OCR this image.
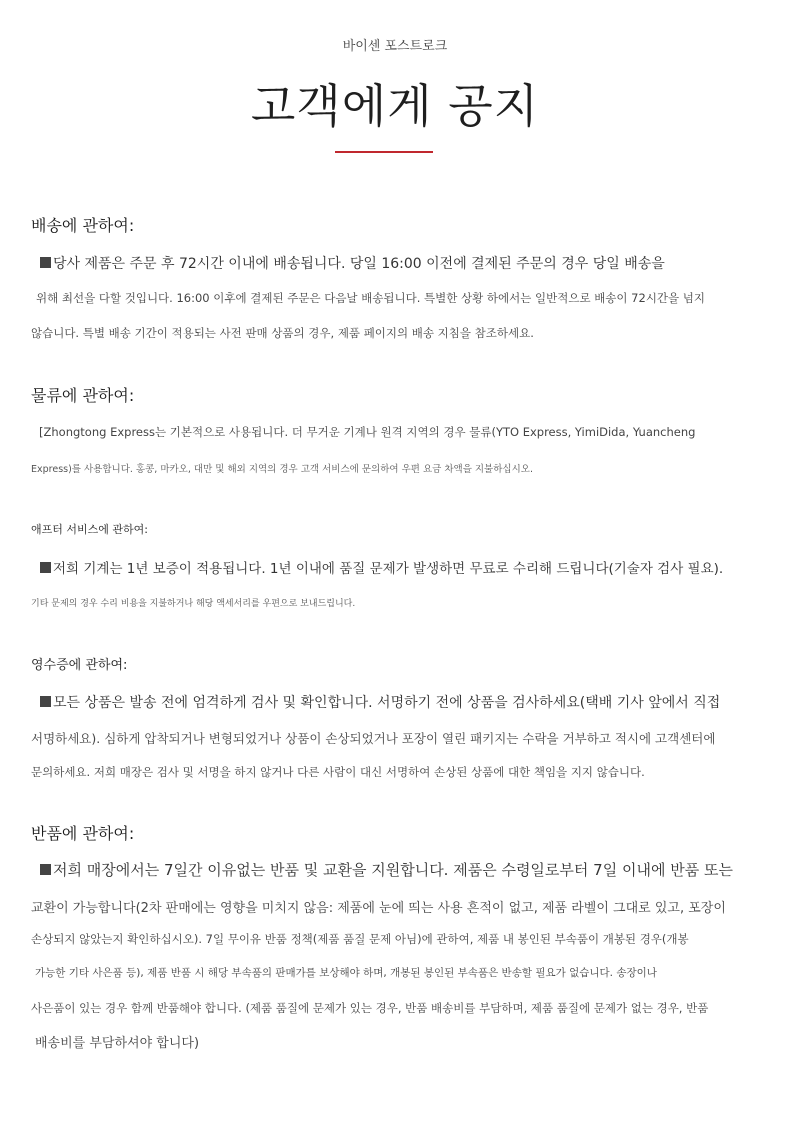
바이센 포스트로크
고객에게 공지
배송에 관하여:
당사 제품은 주문 후 72시간 이내에 배송됩니다. 당일 16:00 이전에 결제된 주문의 경우 당일 배송을
위해 최선을 다할 것입니다. 16:00 이후에 결제된 주문은 다음날 배송됩니다. 특별한 상황 하에서는 일반적으로 배송이 72시간을 넘지
않습니다. 특별 배송 기간이 적용되는 사전 판매 상품의 경우, 제품 페이지의 배송 지침을 참조하세요.
물류에 관하여:
[Zhongtong Express는 기본적으로 사용됩니다. 더 무거운 기계나 원격 지역의 경우 물류(YTO Express, YimiDida, Yuancheng
Express)를 사용합니다. 홍콩, 마카오, 대만 및 해외 지역의 경우 고객 서비스에 문의하여 우편 요금 차액을 지불하십시오.
애프터 서비스에 관하여:
저희 기계는 1년 보증이 적용됩니다. 1년 이내에 품질 문제가 발생하면 무료로 수리해 드립니다(기술자 검사 필요).
기타 문제의 경우 수리 비용을 지불하거나 해당 액세서리를 우편으로 보내드립니다.
영수증에 관하여:
모든 상품은 발송 전에 엄격하게 검사 및 확인합니다. 서명하기 전에 상품을 검사하세요(택배 기사 앞에서 직접
서명하세요). 심하게 압착되거나 변형되었거나 상품이 손상되었거나 포장이 열린 패키지는 수락을 거부하고 적시에 고객센터에
문의하세요. 저희 매장은 검사 및 서명을 하지 않거나 다른 사람이 대신 서명하여 손상된 상품에 대한 책임을 지지 않습니다.
반품에 관하여:
저희 매장에서는 7일간 이유없는 반품 및 교환을 지원합니다. 제품은 수령일로부터 7일 이내에 반품 또는
교환이 가능합니다(2차 판매에는 영향을 미치지 않음: 제품에 눈에 띄는 사용 흔적이 없고, 제품 라벨이 그대로 있고, 포장이
손상되지 않았는지 확인하십시오). 7일 무이유 반품 정책(제품 품질 문제 아님)에 관하여, 제품 내 봉인된 부속품이 개봉된 경우(개봉
가능한 기타 사은품 등), 제품 반품 시 해당 부속품의 판매가를 보상해야 하며, 개봉된 봉인된 부속품은 반송할 필요가 없습니다. 송장이나
사은품이 있는 경우 함께 반품해야 합니다. (제품 품질에 문제가 있는 경우, 반품 배송비를 부담하며, 제품 품질에 문제가 없는 경우, 반품
배송비를 부담하셔야 합니다)
